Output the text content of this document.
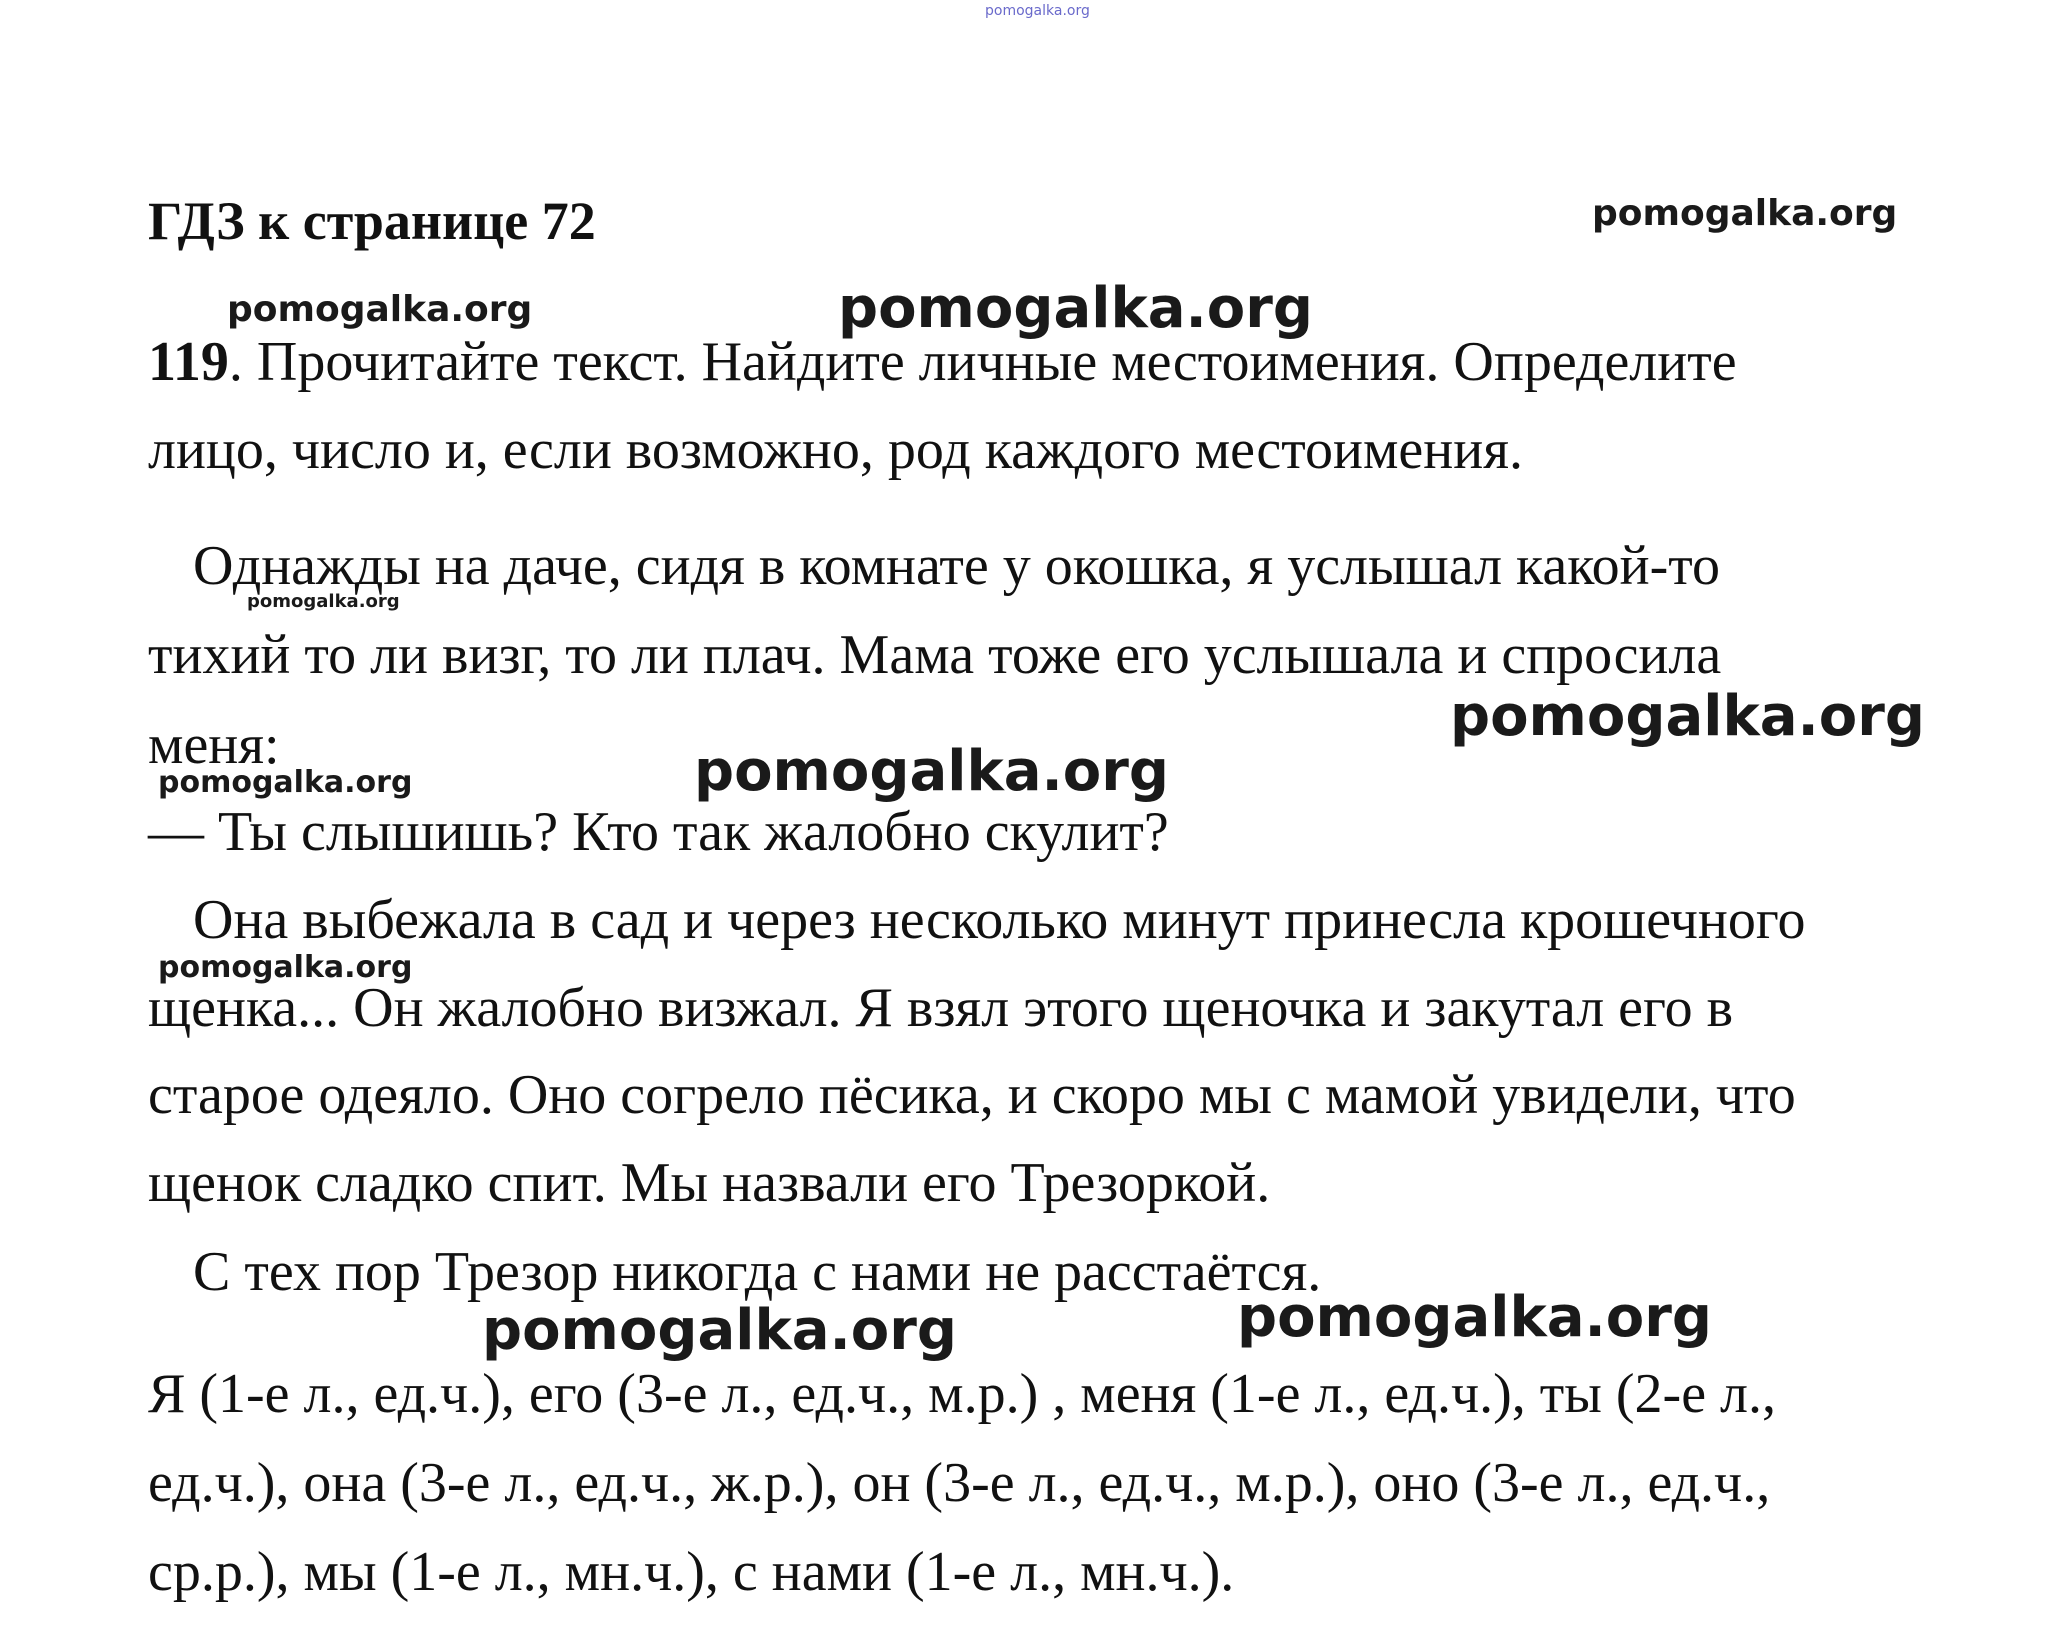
pomogalka.org
ГДЗ к странице 72	pomogalka.org
pomogalka.org	pomogalka.org
119. Прочитайте текст. Найдите личные местоимения. Определите
лицо, число и, если возможно, род каждого местоимения.
Однажды на даче, сидя в комнате у окошка, я услышал какой-то
pomogalka.org
тихий то ли визг, то ли плач. Мама тоже его услышала и спросила
меня:	pomogalka.org
pomogalka.org	pomogalka.org
— Ты слышишь? Кто так жалобно скулит?
Она выбежала в сад и через несколько минут принесла крошечного
pomogalka.org
щенка... Он жалобно визжал. Я взял этого щеночка и закутал его в
старое одеяло. Оно согрело пёсика, и скоро мы с мамой увидели, что
щенок сладко спит. Мы назвали его Трезоркой.
С тех пор Трезор никогда с нами не расстаётся.
pomogalka.org	pomogalka.org
Я (1-е л., ед.ч.), его (3-е л., ед.ч., м.р.) , меня (1-е л., ед.ч.), ты (2-е л.,
ед.ч.), она (3-е л., ед.ч., ж.р.), он (3-е л., ед.ч., м.р.), оно (3-е л., ед.ч.,
ср.р.), мы (1-е л., мн.ч.), с нами (1-е л., мн.ч.).
